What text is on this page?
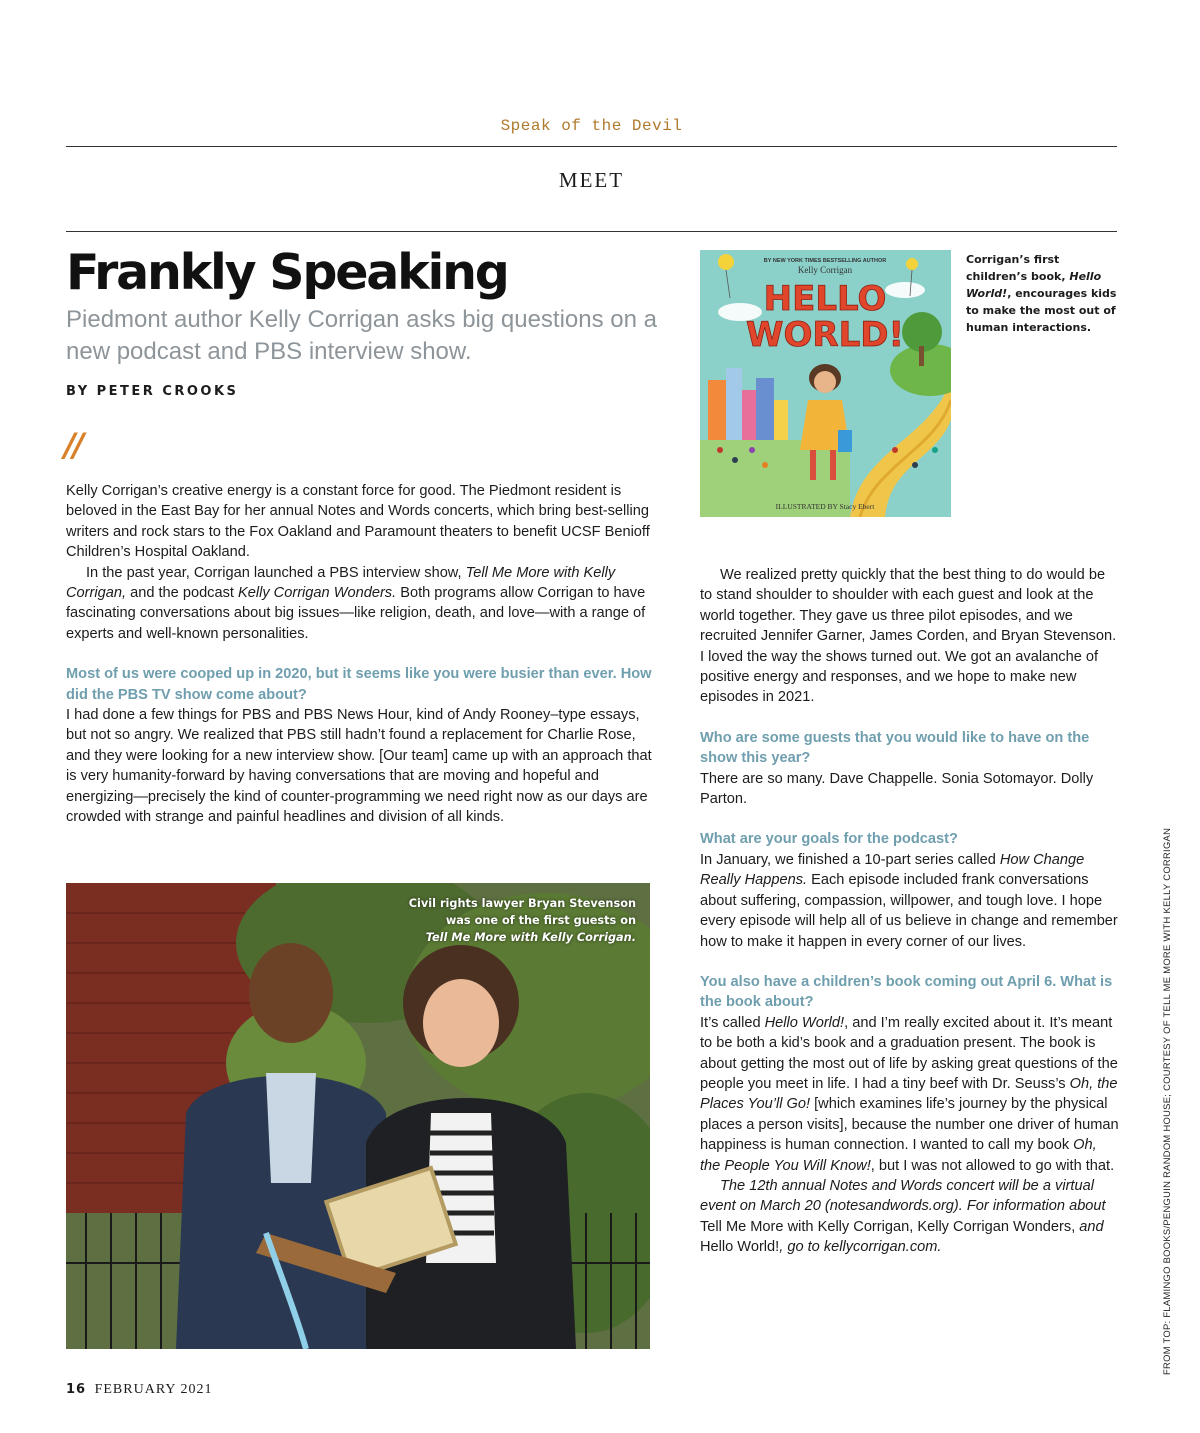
Speak of the Devil
MEET
Frankly Speaking
Piedmont author Kelly Corrigan asks big questions on a new podcast and PBS interview show.
BY PETER CROOKS
//

Kelly Corrigan’s creative energy is a constant force for good. The Piedmont resident is beloved in the East Bay for her annual Notes and Words concerts, which bring best-selling writers and rock stars to the Fox Oakland and Paramount theaters to benefit UCSF Benioff Children’s Hospital Oakland.

In the past year, Corrigan launched a PBS interview show, Tell Me More with Kelly Corrigan, and the podcast Kelly Corrigan Wonders. Both programs allow Corrigan to have fascinating conversations about big issues—like religion, death, and love—with a range of experts and well-known personalities.

Most of us were cooped up in 2020, but it seems like you were busier than ever. How did the PBS TV show come about?

I had done a few things for PBS and PBS News Hour, kind of Andy Rooney–type essays, but not so angry. We realized that PBS still hadn’t found a replacement for Charlie Rose, and they were looking for a new interview show. [Our team] came up with an approach that is very humanity-forward by having conversations that are moving and hopeful and energizing—precisely the kind of counter-programming we need right now as our days are crowded with strange and painful headlines and division of all kinds.

We realized pretty quickly that the best thing to do would be to stand shoulder to shoulder with each guest and look at the world together. They gave us three pilot episodes, and we recruited Jennifer Garner, James Corden, and Bryan Stevenson. I loved the way the shows turned out. We got an avalanche of positive energy and responses, and we hope to make new episodes in 2021.

Who are some guests that you would like to have on the show this year?

There are so many. Dave Chappelle. Sonia Sotomayor. Dolly Parton.

What are your goals for the podcast?

In January, we finished a 10-part series called How Change Really Happens. Each episode included frank conversations about suffering, compassion, willpower, and tough love. I hope every episode will help all of us believe in change and remember how to make it happen in every corner of our lives.

You also have a children’s book coming out April 6. What is the book about?

It’s called Hello World!, and I’m really excited about it. It’s meant to be both a kid’s book and a graduation present. The book is about getting the most out of life by asking great questions of the people you meet in life. I had a tiny beef with Dr. Seuss’s Oh, the Places You’ll Go! [which examines life’s journey by the physical places a person visits], because the number one driver of human happiness is human connection. I wanted to call my book Oh, the People You Will Know!, but I was not allowed to go with that.

The 12th annual Notes and Words concert will be a virtual event on March 20 (notesandwords.org). For information about Tell Me More with Kelly Corrigan, Kelly Corrigan Wonders, and Hello World!, go to kellycorrigan.com.

BY NEW YORK TIMES BESTSELLING AUTHOR
Kelly Corrigan
HELLO
WORLD!
ILLUSTRATED BY Stacy Ebert
Corrigan’s first children’s book, Hello World!, encourages kids to make the most out of human interactions.
Civil rights lawyer Bryan Stevenson
was one of the first guests on
Tell Me More with Kelly Corrigan.	FROM TOP: FLAMINGO BOOKS/PENGUIN RANDOM HOUSE; COURTESY OF TELL ME MORE WITH KELLY CORRIGAN
16 FEBRUARY 2021
